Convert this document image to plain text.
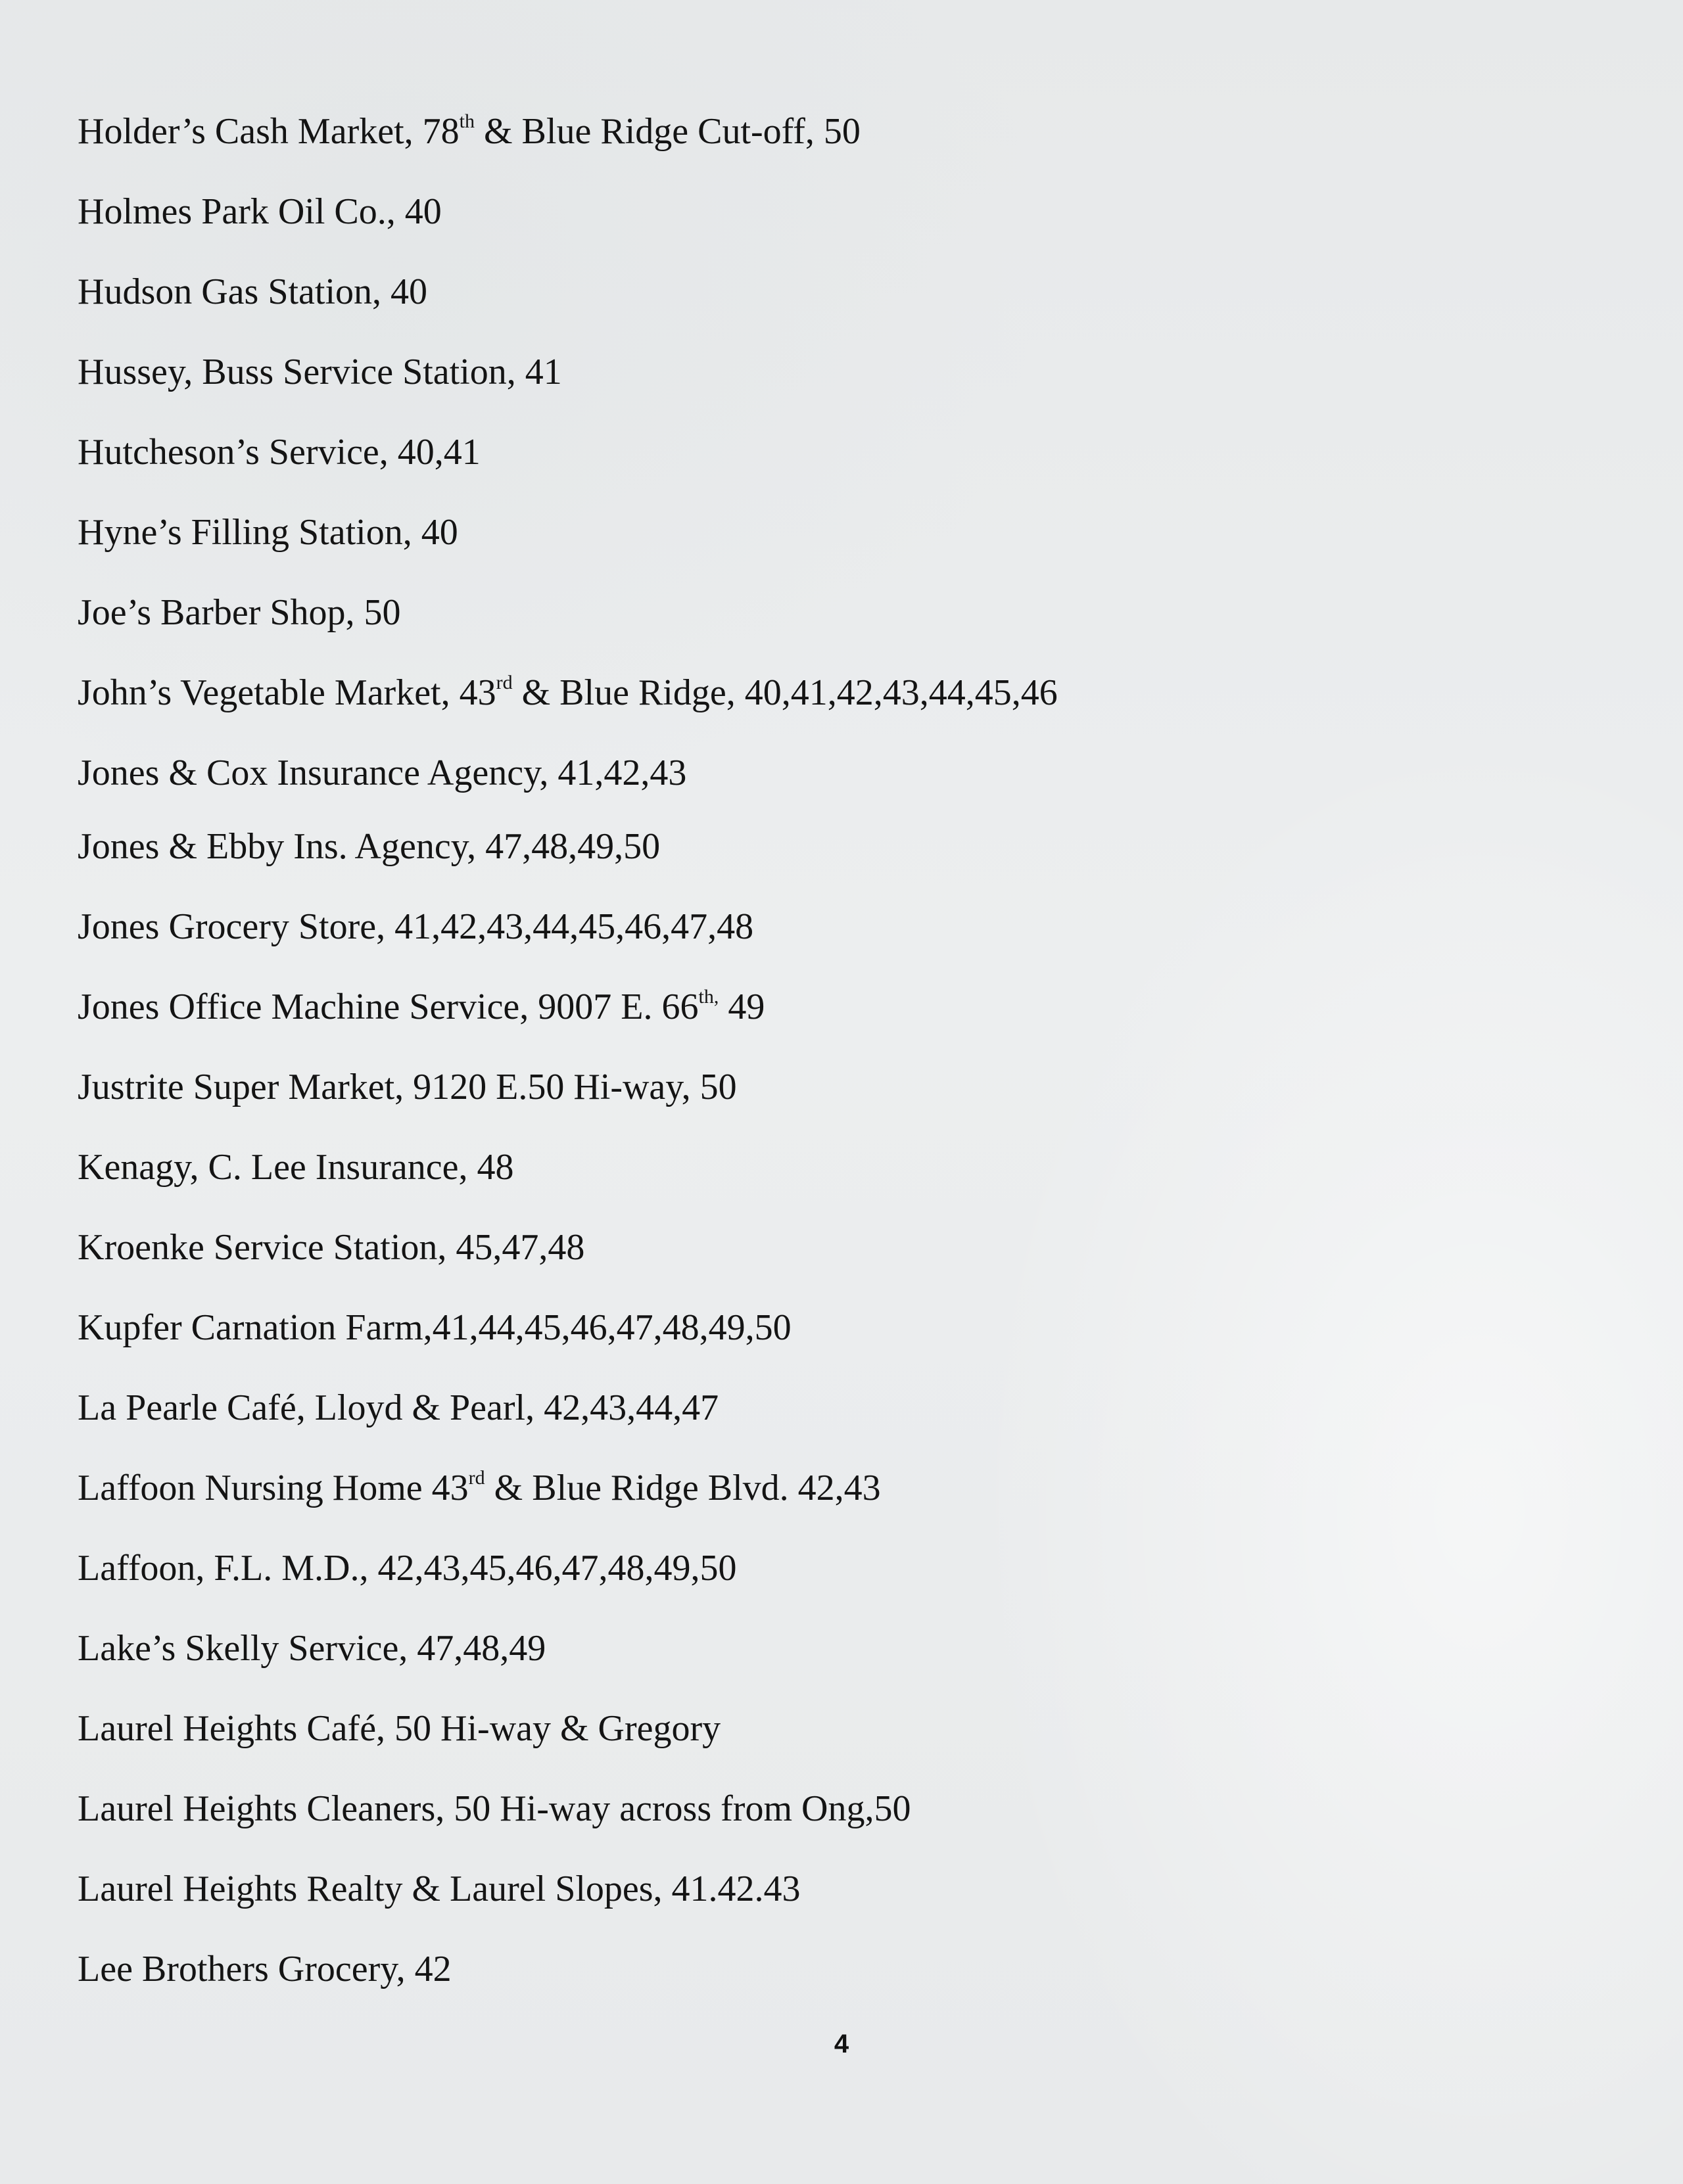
Holder’s Cash Market, 78th & Blue Ridge Cut-off, 50
Holmes Park Oil Co., 40
Hudson Gas Station, 40
Hussey, Buss Service Station, 41
Hutcheson’s Service, 40,41
Hyne’s Filling Station, 40
Joe’s Barber Shop, 50
John’s Vegetable Market, 43rd & Blue Ridge, 40,41,42,43,44,45,46
Jones & Cox Insurance Agency, 41,42,43
Jones & Ebby Ins. Agency, 47,48,49,50
Jones Grocery Store, 41,42,43,44,45,46,47,48
Jones Office Machine Service, 9007 E. $66^{th,}$ 49
Justrite Super Market, 9120 E.50 Hi-way, 50
Kenagy, C. Lee Insurance, 48
Kroenke Service Station, 45,47,48
Kupfer Carnation Farm,41,44,45,46,47,48,49,50
La Pearle Café, Lloyd & Pearl, 42,43,44,47
Laffoon Nursing Home 43rd & Blue Ridge Blvd. 42,43
Laffoon, F.L. M.D., 42,43,45,46,47,48,49,50
Lake’s Skelly Service, 47,48,49
Laurel Heights Café, 50 Hi-way & Gregory
Laurel Heights Cleaners, 50 Hi-way across from Ong,50
Laurel Heights Realty & Laurel Slopes, 41.42.43
Lee Brothers Grocery, 42
4
